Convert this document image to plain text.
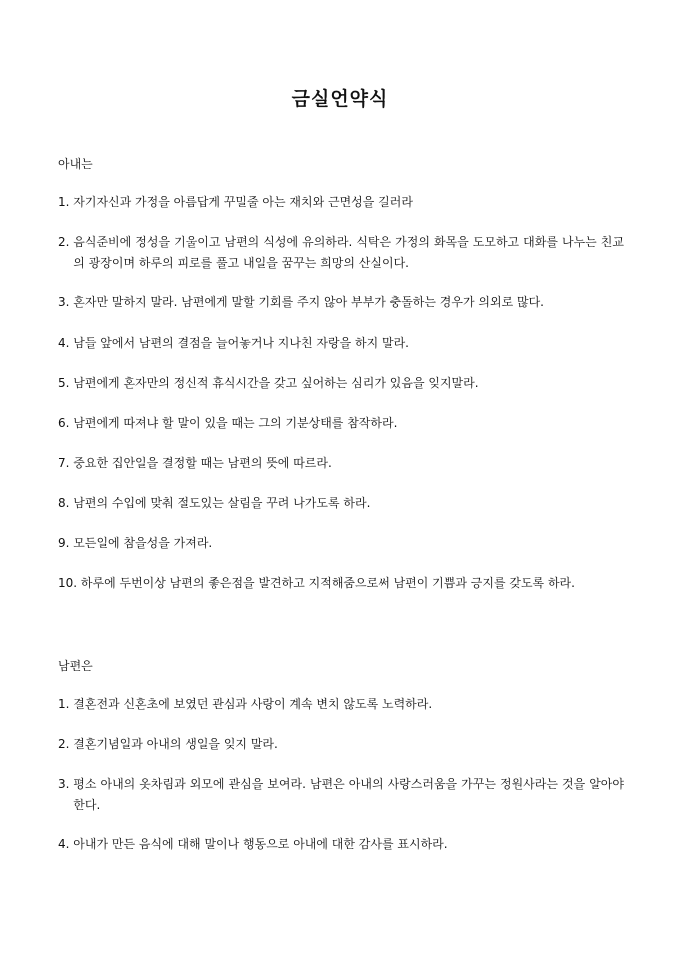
금실언약식

아내는

1. 자기자신과 가정을 아름답게 꾸밀줄 아는 재치와 근면성을 길러라
2. 음식준비에 정성을 기울이고 남편의 식성에 유의하라. 식탁은 가정의 화목을 도모하고 대화를 나누는 친교의 광장이며 하루의 피로를 풀고 내일을 꿈꾸는 희망의 산실이다.
3. 혼자만 말하지 말라. 남편에게 말할 기회를 주지 않아 부부가 충돌하는 경우가 의외로 많다.
4. 남들 앞에서 남편의 결점을 늘어놓거나 지나친 자랑을 하지 말라.
5. 남편에게 혼자만의 정신적 휴식시간을 갖고 싶어하는 심리가 있음을 잊지말라.
6. 남편에게 따져냐 할 말이 있을 때는 그의 기분상태를 참작하라.
7. 중요한 집안일을 결정할 때는 남편의 뜻에 따르라.
8. 남편의 수입에 맞춰 절도있는 살림을 꾸려 나가도록 하라.
9. 모든일에 참을성을 가져라.
10. 하루에 두번이상 남편의 좋은점을 발견하고 지적해줌으로써 남편이 기쁨과 긍지를 갖도록 하라.

남편은

1. 결혼전과 신혼초에 보였던 관심과 사랑이 계속 변치 않도록 노력하라.
2. 결혼기념일과 아내의 생일을 잊지 말라.
3. 평소 아내의 옷차림과 외모에 관심을 보여라. 남편은 아내의 사랑스러움을 가꾸는 정원사라는 것을 알아야한다.
4. 아내가 만든 음식에 대해 말이나 행동으로 아내에 대한 감사를 표시하라.
